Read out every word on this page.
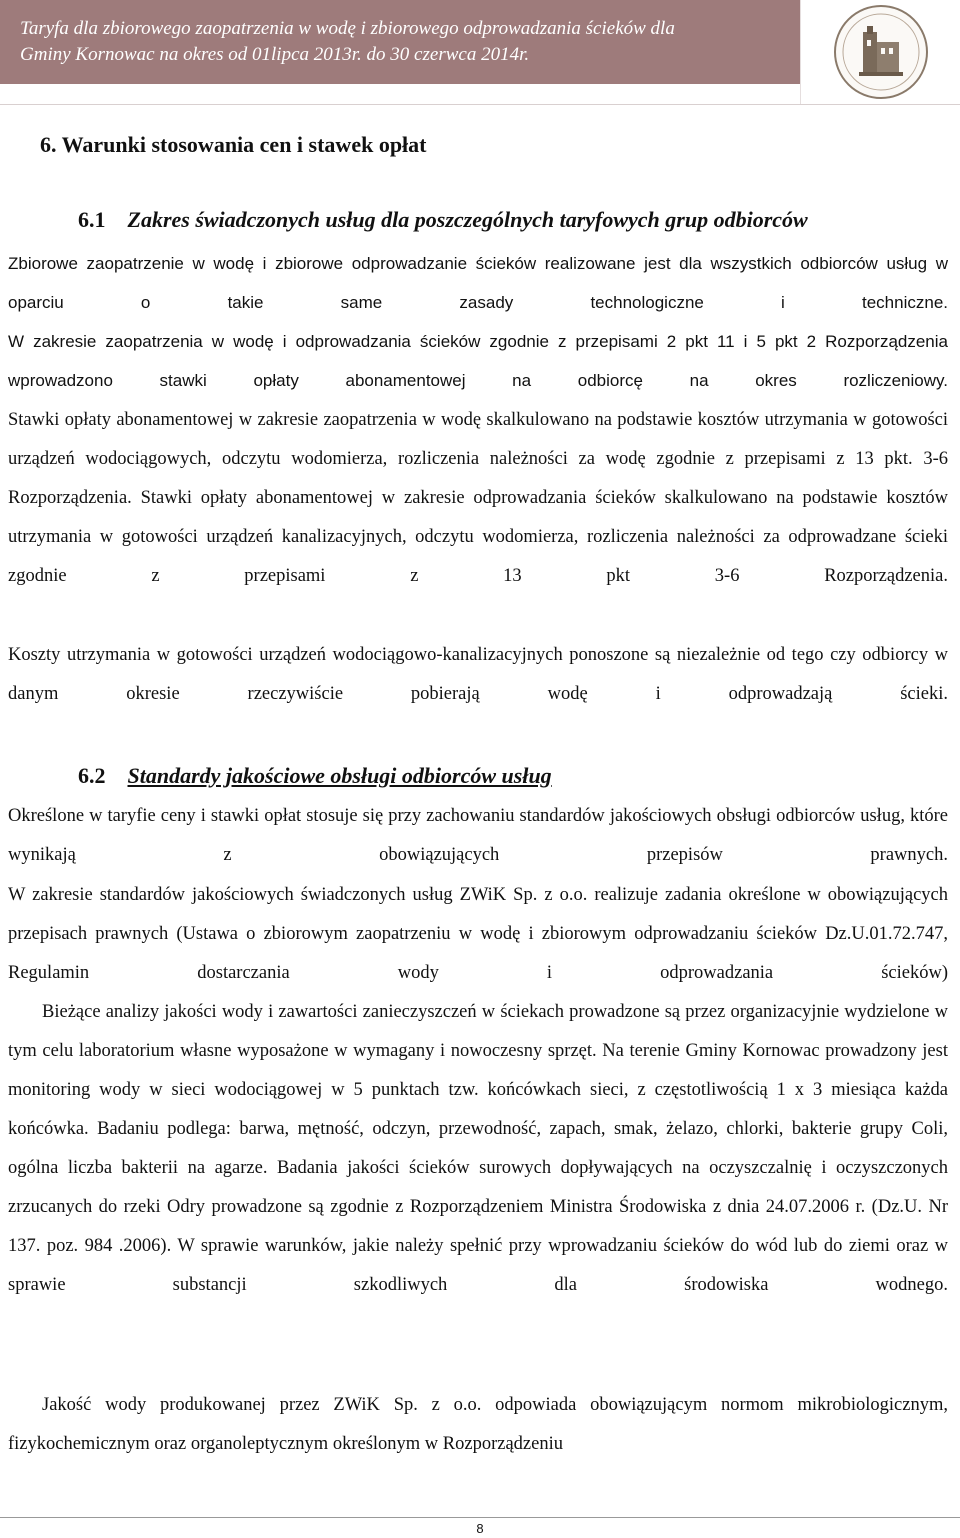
Taryfa dla zbiorowego zaopatrzenia w wodę i zbiorowego odprowadzania ścieków dla
Gminy Kornowac na okres od 01lipca 2013r. do 30 czerwca 2014r.
6. Warunki stosowania cen i stawek opłat
6.1 Zakres świadczonych usług dla poszczególnych taryfowych grup odbiorców

Zbiorowe zaopatrzenie w wodę i zbiorowe odprowadzanie ścieków realizowane jest dla wszystkich odbiorców usług w oparciu o takie same zasady technologiczne i techniczne.

W zakresie zaopatrzenia w wodę i odprowadzania ścieków zgodnie z przepisami 2 pkt 11 i 5 pkt 2 Rozporządzenia wprowadzono stawki opłaty abonamentowej na odbiorcę na okres rozliczeniowy.

Stawki opłaty abonamentowej w zakresie zaopatrzenia w wodę skalkulowano na podstawie kosztów utrzymania w gotowości urządzeń wodociągowych, odczytu wodomierza, rozliczenia należności za wodę zgodnie z przepisami z 13 pkt. 3-6 Rozporządzenia. Stawki opłaty abonamentowej w zakresie odprowadzania ścieków skalkulowano na podstawie kosztów utrzymania w gotowości urządzeń kanalizacyjnych, odczytu wodomierza, rozliczenia należności za odprowadzane ścieki zgodnie z przepisami z 13 pkt 3-6 Rozporządzenia.

Koszty utrzymania w gotowości urządzeń wodociągowo-kanalizacyjnych ponoszone są niezależnie od tego czy odbiorcy w danym okresie rzeczywiście pobierają wodę i odprowadzają ścieki.

6.2 Standardy jakościowe obsługi odbiorców usług

Określone w taryfie ceny i stawki opłat stosuje się przy zachowaniu standardów jakościowych obsługi odbiorców usług, które wynikają z obowiązujących przepisów prawnych.

W zakresie standardów jakościowych świadczonych usług ZWiK Sp. z o.o. realizuje zadania określone w obowiązujących przepisach prawnych (Ustawa o zbiorowym zaopatrzeniu w wodę i zbiorowym odprowadzaniu ścieków Dz.U.01.72.747, Regulamin dostarczania wody i odprowadzania ścieków)

Bieżące analizy jakości wody i zawartości zanieczyszczeń w ściekach prowadzone są przez organizacyjnie wydzielone w tym celu laboratorium własne wyposażone w wymagany i nowoczesny sprzęt. Na terenie Gminy Kornowac prowadzony jest monitoring wody w sieci wodociągowej w 5 punktach tzw. końcówkach sieci, z częstotliwością 1 x 3 miesiąca każda końcówka. Badaniu podlega: barwa, mętność, odczyn, przewodność, zapach, smak, żelazo, chlorki, bakterie grupy Coli, ogólna liczba bakterii na agarze. Badania jakości ścieków surowych dopływających na oczyszczalnię i oczyszczonych zrzucanych do rzeki Odry prowadzone są zgodnie z Rozporządzeniem Ministra Środowiska z dnia 24.07.2006 r. (Dz.U. Nr 137. poz. 984 .2006). W sprawie warunków, jakie należy spełnić przy wprowadzaniu ścieków do wód lub do ziemi oraz w sprawie substancji szkodliwych dla środowiska wodnego.

Jakość wody produkowanej przez ZWiK Sp. z o.o. odpowiada obowiązującym normom mikrobiologicznym, fizykochemicznym oraz organoleptycznym określonym w Rozporządzeniu

8
